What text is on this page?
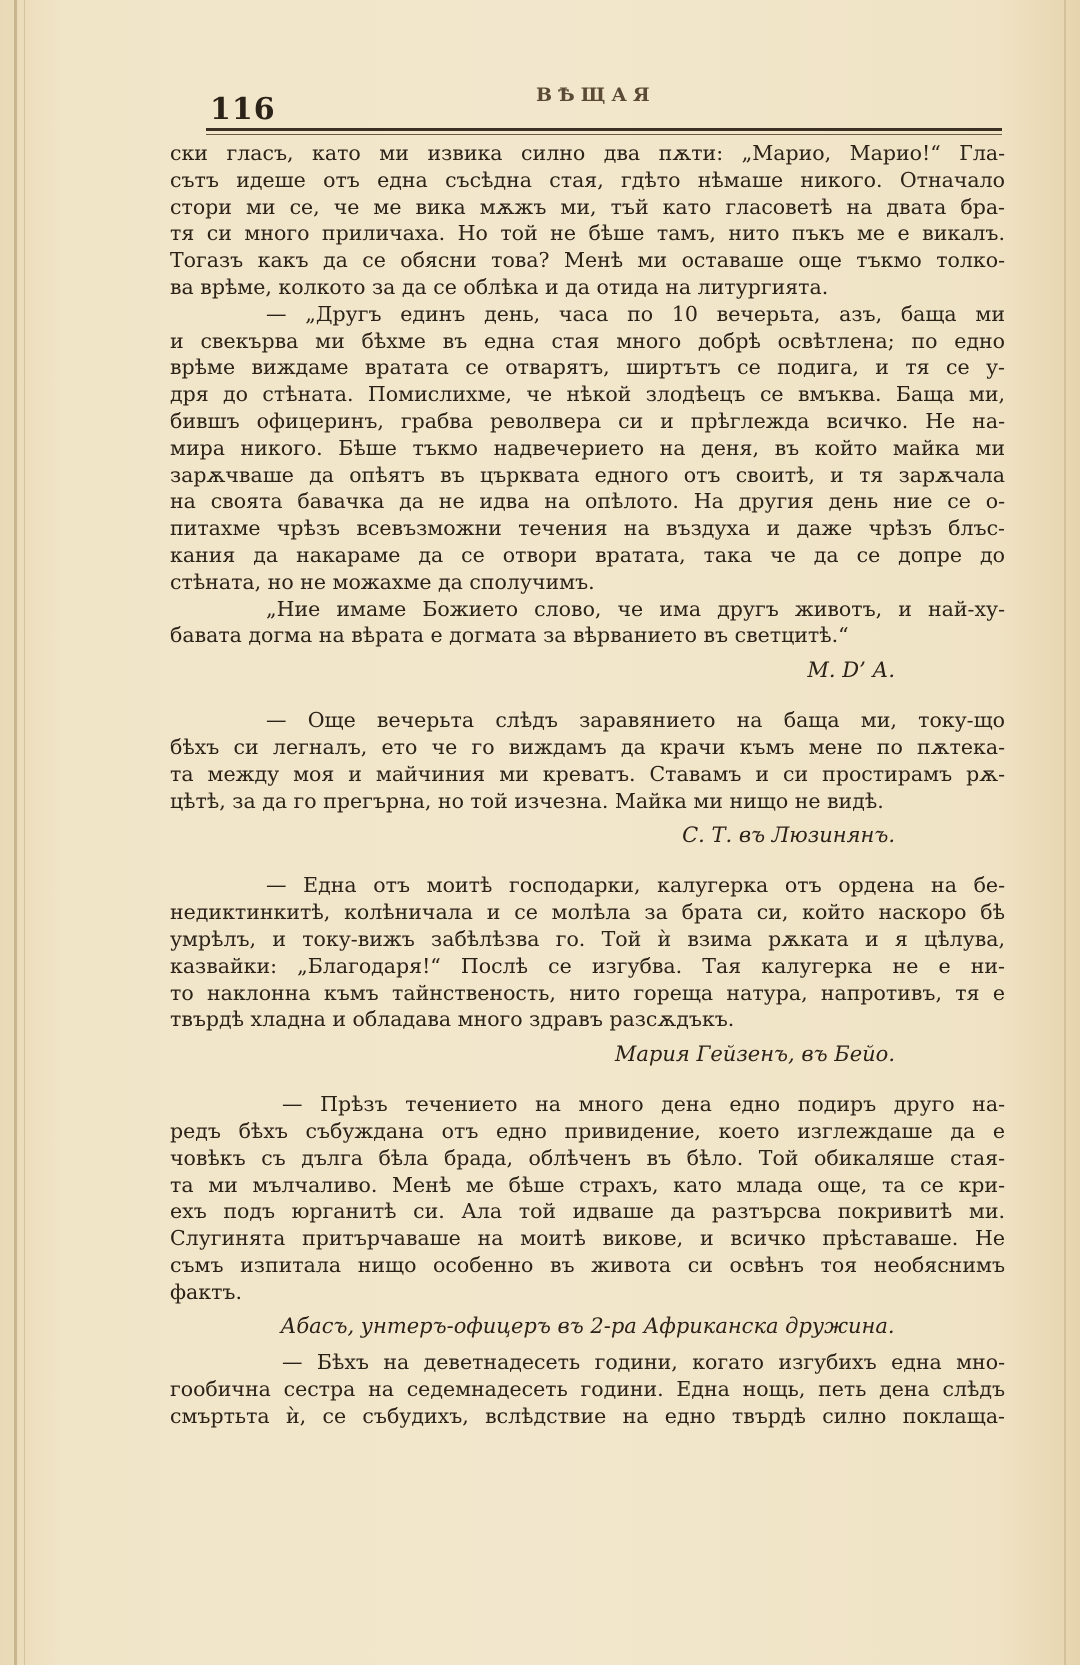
116	ВѢЩАЯ
ски гласъ, като ми извика силно два пѫти: „Марио, Марио!“ Гла-
сътъ идеше отъ една съсѣдна стая, гдѣто нѣмаше никого. Отначало
стори ми се, че ме вика мѫжъ ми, тъй като гласоветѣ на двата бра-
тя си много приличаха. Но той не бѣше тамъ, нито пъкъ ме е викалъ.
Тогазъ какъ да се обясни това? Менѣ ми оставаше още тъкмо толко-
ва врѣме, колкото за да се облѣка и да отида на литургията.
— „Другъ единъ день, часа по 10 вечерьта, азъ, баща ми
и свекърва ми бѣхме въ една стая много добрѣ освѣтлена; по едно
врѣме виждаме вратата се отварятъ, ширтътъ се подига, и тя се у-
дря до стѣната. Помислихме, че нѣкой злодѣецъ се вмъква. Баща ми,
бившъ офицеринъ, грабва револвера си и прѣглежда всичко. Не на-
мира никого. Бѣше тъкмо надвечерието на деня, въ който майка ми
зарѫчваше да опѣятъ въ църквата едного отъ своитѣ, и тя зарѫчала
на своята бавачка да не идва на опѣлото. На другия день ние се о-
питахме чрѣзъ всевъзможни течения на въздуха и даже чрѣзъ блъс-
кания да накараме да се отвори вратата, така че да се допре до
стѣната, но не можахме да сполучимъ.
„Ние имаме Божието слово, че има другъ животъ, и най-ху-
бавата догма на вѣрата е догмата за вѣрванието въ светцитѣ.“
М. D’ А.
— Още вечерьта слѣдъ заравянието на баща ми, току-що
бѣхъ си легналъ, ето че го виждамъ да крачи къмъ мене по пѫтека-
та между моя и майчиния ми креватъ. Ставамъ и си простирамъ рѫ-
цѣтѣ, за да го прегърна, но той изчезна. Майка ми нищо не видѣ.
С. Т. въ Люзинянъ.
— Една отъ моитѣ господарки, калугерка отъ ордена на бе-
недиктинкитѣ, колѣничала и се молѣла за брата си, който наскоро бѣ
умрѣлъ, и току-вижъ забѣлѣзва го. Той ѝ взима рѫката и я цѣлува,
казвайки: „Благодаря!“ Послѣ се изгубва. Тая калугерка не е ни-
то наклонна къмъ тайнственость, нито гореща натура, напротивъ, тя е
твърдѣ хладна и обладава много здравъ разсѫдъкъ.
Мария Гейзенъ, въ Бейо.
— Прѣзъ течението на много дена едно подиръ друго на-
редъ бѣхъ събуждана отъ едно привидение, което изглеждаше да е
човѣкъ съ дълга бѣла брада, облѣченъ въ бѣло. Той обикаляше стая-
та ми мълчаливо. Менѣ ме бѣше страхъ, като млада още, та се кри-
ехъ подъ юрганитѣ си. Ала той идваше да разтърсва покривитѣ ми.
Слугинята притърчаваше на моитѣ викове, и всичко прѣставаше. Не
съмъ изпитала нищо особенно въ живота си освѣнъ тоя необяснимъ
фактъ.
Абасъ, унтеръ-офицеръ въ 2-ра Африканска дружина.
— Бѣхъ на деветнадесеть години, когато изгубихъ една мно-
гообична сестра на седемнадесеть години. Една нощь, петь дена слѣдъ
смъртьта ѝ, се събудихъ, вслѣдствие на едно твърдѣ силно поклаща-
